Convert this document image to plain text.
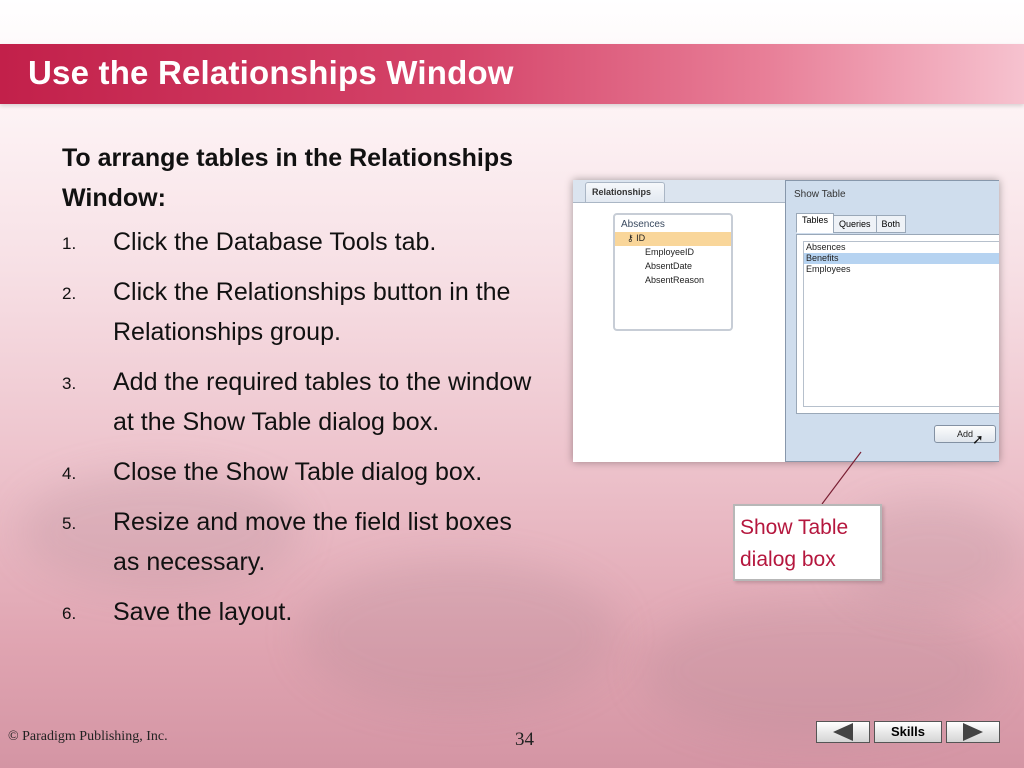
Use the Relationships Window
To arrange tables in the Relationships Window:
1. Click the Database Tools tab.
2. Click the Relationships button in the Relationships group.
3. Add the required tables to the window at the Show Table dialog box.
4. Close the Show Table dialog box.
5. Resize and move the field list boxes as necessary.
6. Save the layout.
Relationships
Absences
⚷ ID
EmployeeID
AbsentDate
AbsentReason
Show Table
Tables	Queries	Both
Absences
Benefits
Employees
Add ➚
Show Table dialog box
© Paradigm Publishing, Inc.	34	Skills
